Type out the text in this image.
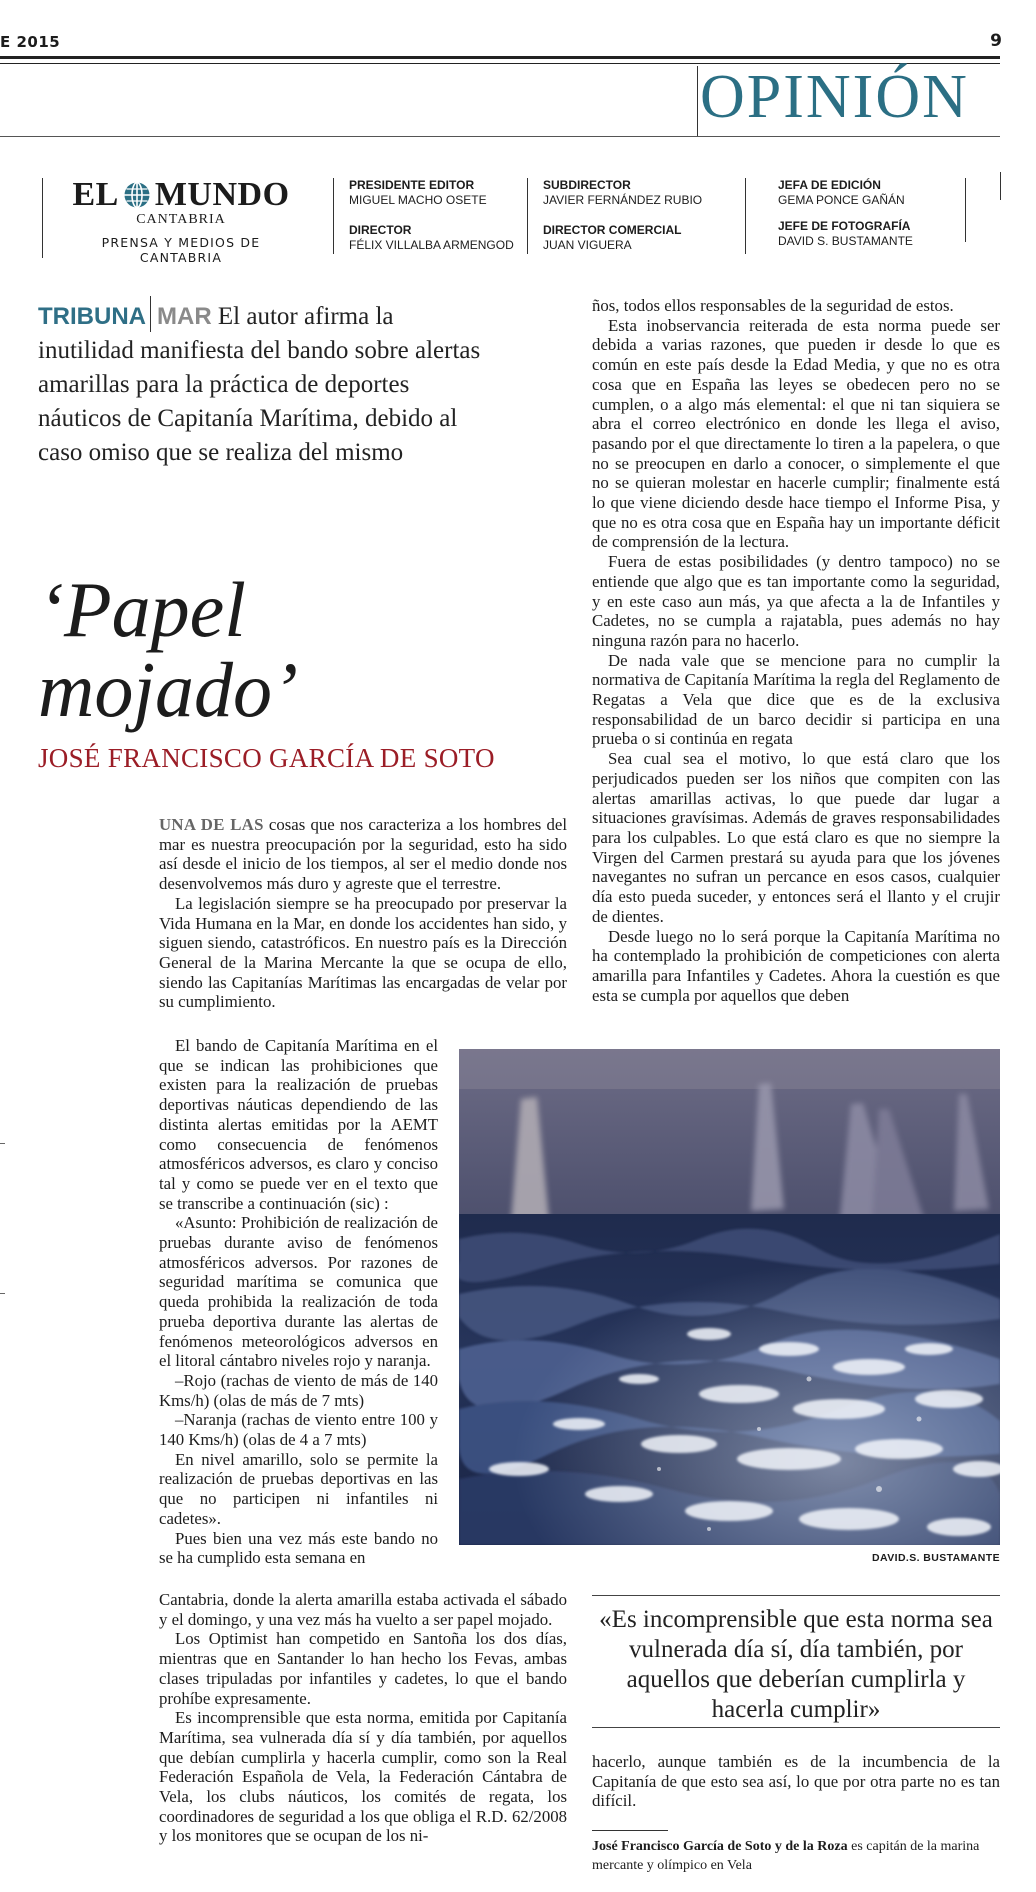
E 2015	9
OPINIÓN
EL MUNDO
CANTABRIA
PRENSA Y MEDIOS DE CANTABRIA
PRESIDENTE EDITOR
MIGUEL MACHO OSETE
DIRECTOR
FÉLIX VILLALBA ARMENGOD
SUBDIRECTOR
JAVIER FERNÁNDEZ RUBIO
DIRECTOR COMERCIAL
JUAN VIGUERA
JEFA DE EDICIÓN
GEMA PONCE GAÑÁN
JEFE DE FOTOGRAFÍA
DAVID S. BUSTAMANTE
TRIBUNA MAR El autor afirma la inutilidad manifiesta del bando sobre alertas amarillas para la práctica de deportes náuticos de Capitanía Marítima, debido al caso omiso que se realiza del mismo
‘Papel
mojado’
JOSÉ FRANCISCO GARCÍA DE SOTO

UNA DE LAS cosas que nos caracteriza a los hombres del mar es nuestra preocupación por la seguridad, esto ha sido así desde el inicio de los tiempos, al ser el medio donde nos desenvolvemos más duro y agreste que el terrestre.

La legislación siempre se ha preocupado por preservar la Vida Humana en la Mar, en donde los accidentes han sido, y siguen siendo, catastróficos. En nuestro país es la Dirección General de la Marina Mercante la que se ocupa de ello, siendo las Capitanías Marítimas las encargadas de velar por su cumplimiento.

El bando de Capitanía Marítima en el que se indican las prohibiciones que existen para la realización de pruebas deportivas náuticas dependiendo de las distinta alertas emitidas por la AEMT como consecuencia de fenómenos atmosféricos adversos, es claro y conciso tal y como se puede ver en el texto que se transcribe a continuación (sic) :

«Asunto: Prohibición de realización de pruebas durante aviso de fenómenos atmosféricos adversos. Por razones de seguridad marítima se comunica que queda prohibida la realización de toda prueba deportiva durante las alertas de fenómenos meteorológicos adversos en el litoral cántabro niveles rojo y naranja.

–Rojo (rachas de viento de más de 140 Kms/h) (olas de más de 7 mts)

–Naranja (rachas de viento entre 100 y 140 Kms/h) (olas de 4 a 7 mts)

En nivel amarillo, solo se permite la realización de pruebas deportivas en las que no participen ni infantiles ni cadetes».

Pues bien una vez más este bando no se ha cumplido esta semana en

Cantabria, donde la alerta amarilla estaba activada el sábado y el domingo, y una vez más ha vuelto a ser papel mojado.

Los Optimist han competido en Santoña los dos días, mientras que en Santander lo han hecho los Fevas, ambas clases tripuladas por infantiles y cadetes, lo que el bando prohíbe expresamente.

Es incomprensible que esta norma, emitida por Capitanía Marítima, sea vulnerada día sí y día también, por aquellos que debían cumplirla y hacerla cumplir, como son la Real Federación Española de Vela, la Federación Cántabra de Vela, los clubs náuticos, los comités de regata, los coordinadores de seguridad a los que obliga el R.D. 62/2008 y los monitores que se ocupan de los ni-

ños, todos ellos responsables de la seguridad de estos.

Esta inobservancia reiterada de esta norma puede ser debida a varias razones, que pueden ir desde lo que es común en este país desde la Edad Media, y que no es otra cosa que en España las leyes se obedecen pero no se cumplen, o a algo más elemental: el que ni tan siquiera se abra el correo electrónico en donde les llega el aviso, pasando por el que directamente lo tiren a la papelera, o que no se preocupen en darlo a conocer, o simplemente el que no se quieran molestar en hacerle cumplir; finalmente está lo que viene diciendo desde hace tiempo el Informe Pisa, y que no es otra cosa que en España hay un importante déficit de comprensión de la lectura.

Fuera de estas posibilidades (y dentro tampoco) no se entiende que algo que es tan importante como la seguridad, y en este caso aun más, ya que afecta a la de Infantiles y Cadetes, no se cumpla a rajatabla, pues además no hay ninguna razón para no hacerlo.

De nada vale que se mencione para no cumplir la normativa de Capitanía Marítima la regla del Reglamento de Regatas a Vela que dice que es de la exclusiva responsabilidad de un barco decidir si participa en una prueba o si continúa en regata

Sea cual sea el motivo, lo que está claro que los perjudicados pueden ser los niños que compiten con las alertas amarillas activas, lo que puede dar lugar a situaciones gravísimas. Además de graves responsabilidades para los culpables. Lo que está claro es que no siempre la Virgen del Carmen prestará su ayuda para que los jóvenes navegantes no sufran un percance en esos casos, cualquier día esto pueda suceder, y entonces será el llanto y el crujir de dientes.

Desde luego no lo será porque la Capitanía Marítima no ha contemplado la prohibición de competiciones con alerta amarilla para Infantiles y Cadetes. Ahora la cuestión es que esta se cumpla por aquellos que deben

DAVID.S. BUSTAMANTE
«Es incomprensible que esta norma sea vulnerada día sí, día también, por aquellos que deberían cumplirla y hacerla cumplir»

hacerlo, aunque también es de la incumbencia de la Capitanía de que esto sea así, lo que por otra parte no es tan difícil.

José Francisco García de Soto y de la Roza es capitán de la marina mercante y olímpico en Vela
